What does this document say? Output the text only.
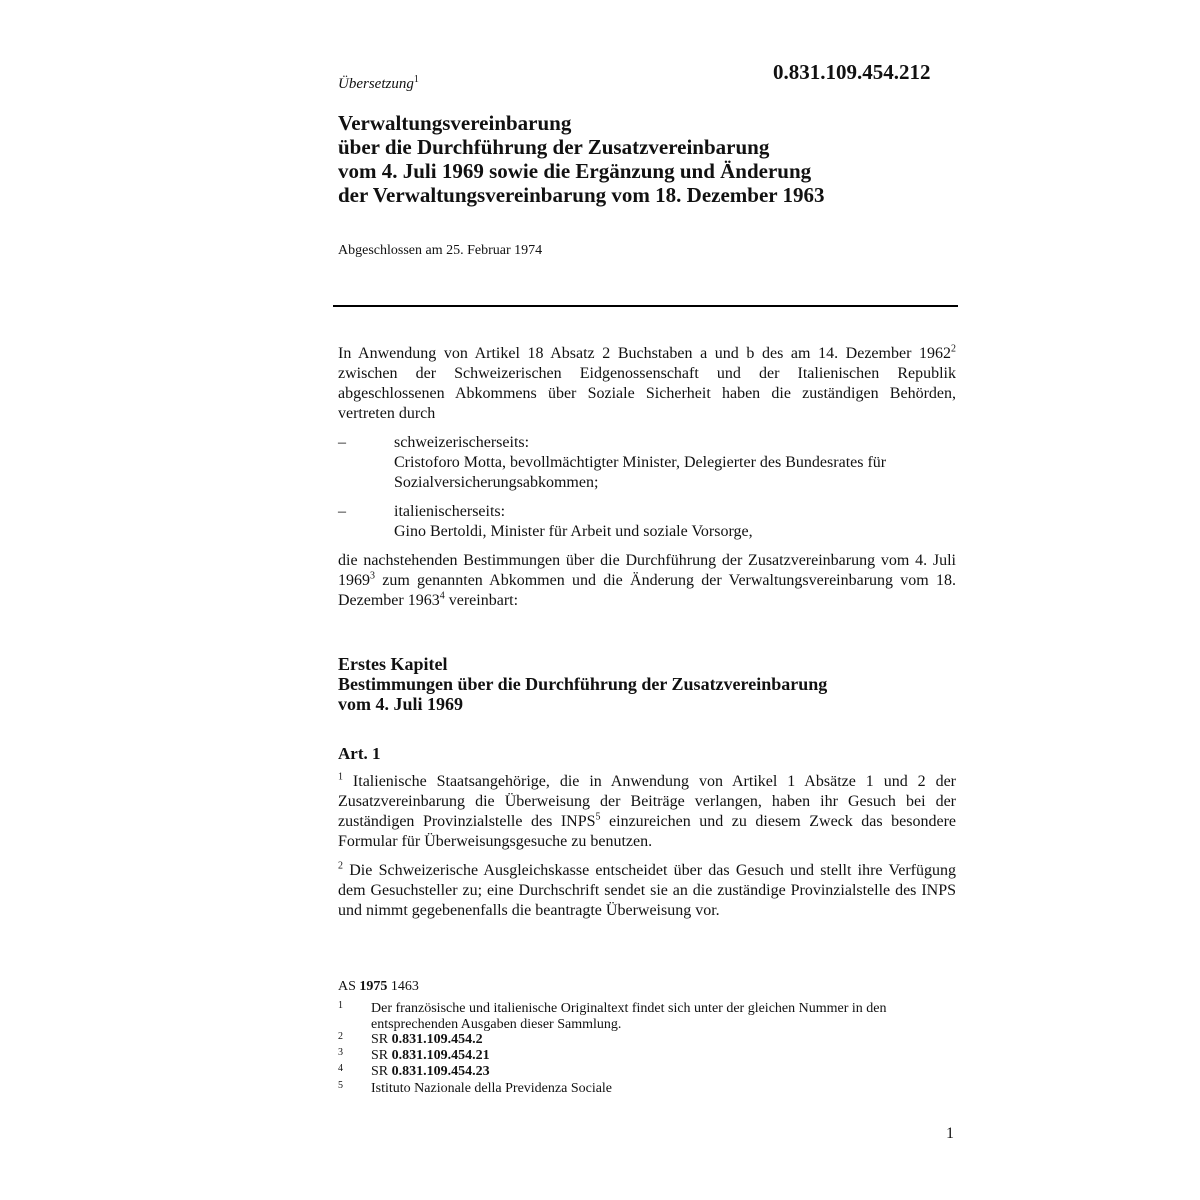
Übersetzung$^1$	0.831.109.454.212
Verwaltungsvereinbarung
über die Durchführung der Zusatzvereinbarung
vom 4. Juli 1969 sowie die Ergänzung und Änderung
der Verwaltungsvereinbarung vom 18. Dezember 1963
Abgeschlossen am 25. Februar 1974
In Anwendung von Artikel 18 Absatz 2 Buchstaben a und b des am 14. Dezember 1962$^2$ zwischen der Schweizerischen Eidgenossenschaft und der Italienischen Republik abgeschlossenen Abkommens über Soziale Sicherheit haben die zuständigen Behörden, vertreten durch
–	schweizerischerseits:
Cristoforo Motta, bevollmächtigter Minister, Delegierter des Bundesrates für Sozialversicherungsabkommen;
–	italienischerseits:
Gino Bertoldi, Minister für Arbeit und soziale Vorsorge,
die nachstehenden Bestimmungen über die Durchführung der Zusatzvereinbarung vom 4. Juli 1969$^3$ zum genannten Abkommen und die Änderung der Verwaltungsvereinbarung vom 18. Dezember 1963$^4$ vereinbart:
Erstes Kapitel
Bestimmungen über die Durchführung der Zusatzvereinbarung
vom 4. Juli 1969
Art. 1
$^1$ Italienische Staatsangehörige, die in Anwendung von Artikel 1 Absätze 1 und 2 der Zusatzvereinbarung die Überweisung der Beiträge verlangen, haben ihr Gesuch bei der zuständigen Provinzialstelle des INPS$^5$ einzureichen und zu diesem Zweck das besondere Formular für Überweisungsgesuche zu benutzen.
$^2$ Die Schweizerische Ausgleichskasse entscheidet über das Gesuch und stellt ihre Verfügung dem Gesuchsteller zu; eine Durchschrift sendet sie an die zuständige Provinzialstelle des INPS und nimmt gegebenenfalls die beantragte Überweisung vor.
AS 1975 1463
1 Der französische und italienische Originaltext findet sich unter der gleichen Nummer in den entsprechenden Ausgaben dieser Sammlung.
2 SR 0.831.109.454.2
3 SR 0.831.109.454.21
4 SR 0.831.109.454.23
5 Istituto Nazionale della Previdenza Sociale
1
